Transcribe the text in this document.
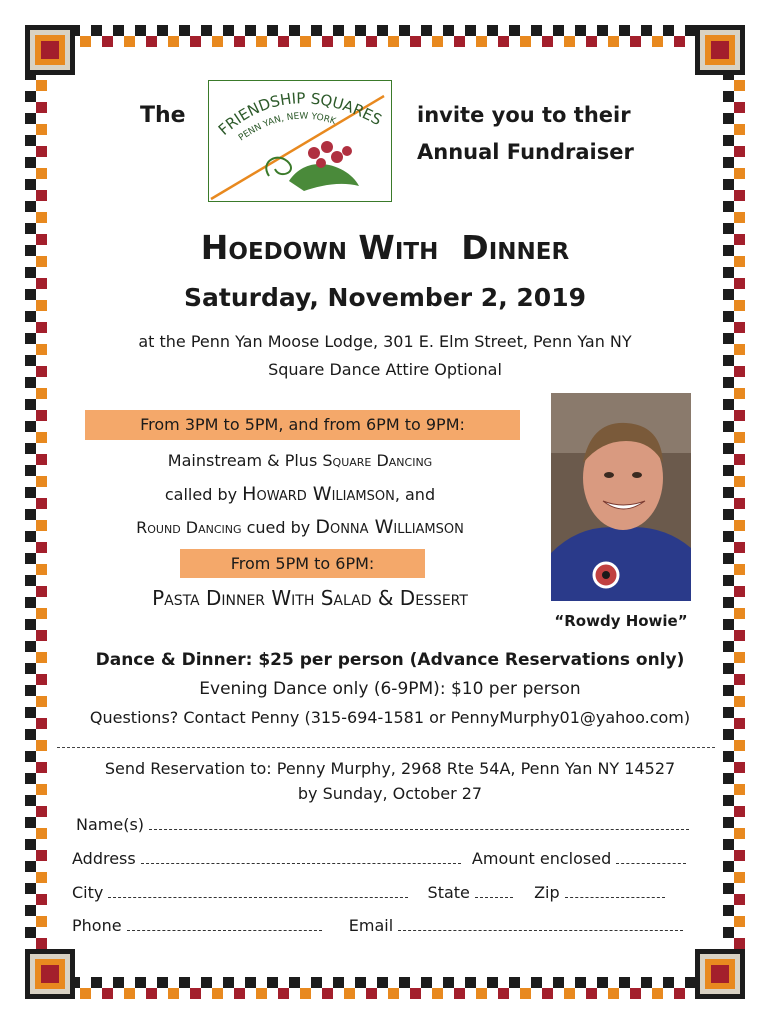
The
FRIENDSHIP SQUARES
PENN YAN, NEW YORK	invite you to their
Annual Fundraiser
Hoedown With  Dinner
Saturday, November 2, 2019
at the Penn Yan Moose Lodge, 301 E. Elm Street, Penn Yan NY
Square Dance Attire Optional
From 3PM to 5PM, and from 6PM to 9PM:
Mainstream & Plus Square Dancing
called by Howard Wiliamson, and
Round Dancing cued by Donna Williamson
From 5PM to 6PM:
Pasta Dinner With Salad & Dessert
“Rowdy Howie”
Dance & Dinner: $25 per person (Advance Reservations only)
Evening Dance only (6-9PM): $10 per person
Questions? Contact Penny (315-694-1581 or PennyMurphy01@yahoo.com)
Send Reservation to: Penny Murphy, 2968 Rte 54A, Penn Yan NY 14527
by Sunday, October 27
Name(s)
Address	Amount enclosed
City	State	Zip
Phone	Email
